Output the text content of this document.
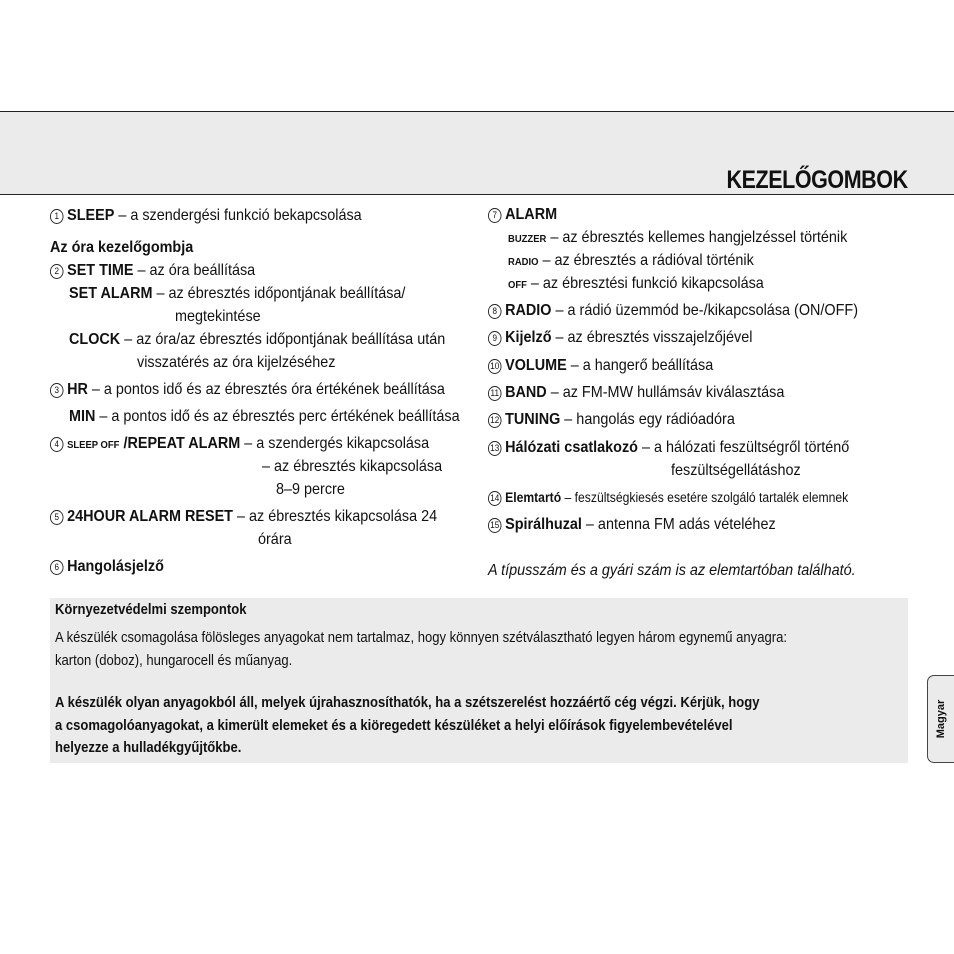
KEZELŐGOMBOK
1 SLEEP – a szendergési funkció bekapcsolása
Az óra kezelőgombja
2 SET TIME – az óra beállítása
SET ALARM – az ébresztés időpontjának beállítása/
megtekintése
CLOCK – az óra/az ébresztés időpontjának beállítása után
visszatérés az óra kijelzéséhez
3 HR – a pontos idő és az ébresztés óra értékének beállítása
MIN – a pontos idő és az ébresztés perc értékének beállítása
4 SLEEP OFF /REPEAT ALARM – a szendergés kikapcsolása
– az ébresztés kikapcsolása
8–9 percre
5 24HOUR ALARM RESET – az ébresztés kikapcsolása 24
órára
6 Hangolásjelző
7 ALARM
BUZZER – az ébresztés kellemes hangjelzéssel történik
RADIO – az ébresztés a rádióval történik
OFF – az ébresztési funkció kikapcsolása
8 RADIO – a rádió üzemmód be-/kikapcsolása (ON/OFF)
9 Kijelző – az ébresztés visszajelzőjével
10 VOLUME – a hangerő beállítása
11 BAND – az FM-MW hullámsáv kiválasztása
12 TUNING – hangolás egy rádióadóra
13 Hálózati csatlakozó – a hálózati feszültségről történő
feszültségellátáshoz
14 Elemtartó – feszültségkiesés esetére szolgáló tartalék elemnek
15 Spirálhuzal – antenna FM adás vételéhez
A típusszám és a gyári szám is az elemtartóban található.
Környezetvédelmi szempontok
A készülék csomagolása fölösleges anyagokat nem tartalmaz, hogy könnyen szétválasztható legyen három egynemű anyagra:
karton (doboz), hungarocell és műanyag.
A készülék olyan anyagokból áll, melyek újrahasznosíthatók, ha a szétszerelést hozzáértő cég végzi. Kérjük, hogy
a csomagolóanyagokat, a kimerült elemeket és a kiöregedett készüléket a helyi előírások figyelembevételével
helyezze a hulladékgyűjtőkbe.
Magyar
